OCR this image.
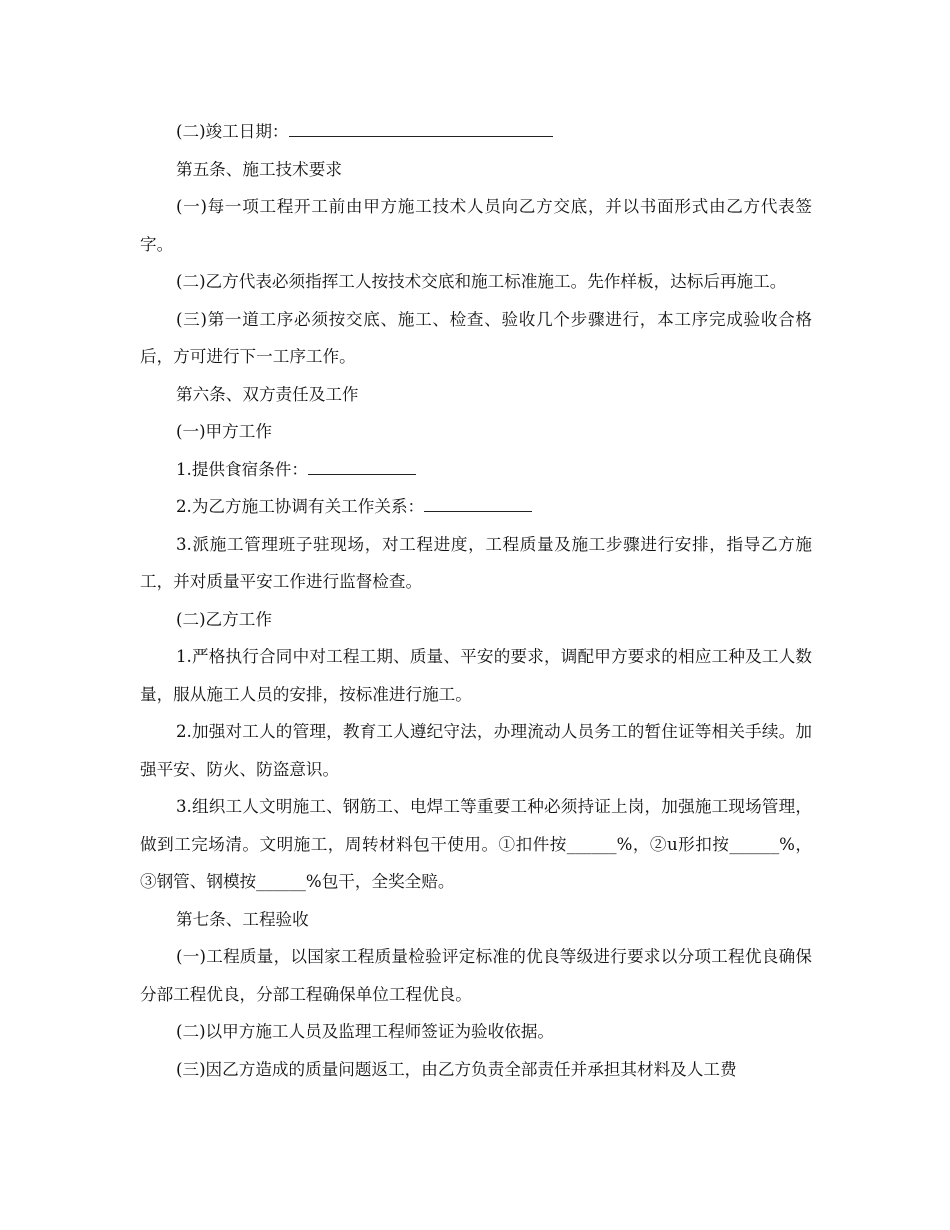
(二)竣工日期：

第五条、施工技术要求

(一)每一项工程开工前由甲方施工技术人员向乙方交底，并以书面形式由乙方代表签字。

(二)乙方代表必须指挥工人按技术交底和施工标准施工。先作样板，达标后再施工。

(三)第一道工序必须按交底、施工、检查、验收几个步骤进行，本工序完成验收合格后，方可进行下一工序工作。

第六条、双方责任及工作

(一)甲方工作

1.提供食宿条件：

2.为乙方施工协调有关工作关系：

3.派施工管理班子驻现场，对工程进度，工程质量及施工步骤进行安排，指导乙方施工，并对质量平安工作进行监督检查。

(二)乙方工作

1.严格执行合同中对工程工期、质量、平安的要求，调配甲方要求的相应工种及工人数量，服从施工人员的安排，按标准进行施工。

2.加强对工人的管理，教育工人遵纪守法，办理流动人员务工的暂住证等相关手续。加强平安、防火、防盗意识。

3.组织工人文明施工、钢筋工、电焊工等重要工种必须持证上岗，加强施工现场管理，做到工完场清。文明施工，周转材料包干使用。①扣件按______%，②u形扣按______%，③钢管、钢模按______%包干，全奖全赔。

第七条、工程验收

(一)工程质量，以国家工程质量检验评定标准的优良等级进行要求以分项工程优良确保分部工程优良，分部工程确保单位工程优良。

(二)以甲方施工人员及监理工程师签证为验收依据。

(三)因乙方造成的质量问题返工，由乙方负责全部责任并承担其材料及人工费
